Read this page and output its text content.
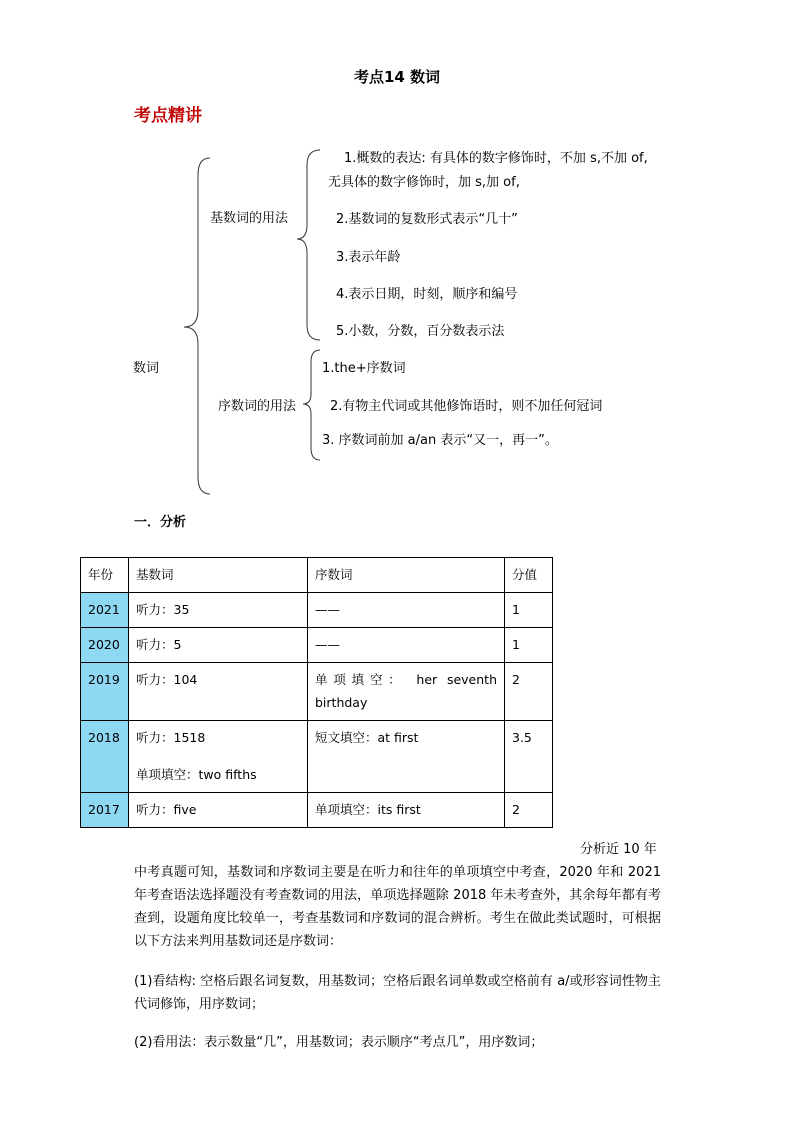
考点14 数词
考点精讲
数词
基数词的用法
1.概数的表达: 有具体的数字修饰时，不加 s,不加 of,
无具体的数字修饰时，加 s,加 of,
2.基数词的复数形式表示“几十”
3.表示年龄
4.表示日期，时刻，顺序和编号
5.小数，分数，百分数表示法
序数词的用法
1.the+序数词
2.有物主代词或其他修饰语时，则不加任何冠词
3. 序数词前加 a/an 表示“又一，再一”。
一．分析
年份	基数词	序数词	分值
2021	听力：35	——	1
2020	听力：5	——	1
2019	听力：104	单项填空： her seventh
birthday	2
2018	听力：1518
单项填空：two fifths	短文填空：at first	3.5
2017	听力：five	单项填空：its first	2
分析近 10 年
中考真题可知，基数词和序数词主要是在听力和往年的单项填空中考查，2020 年和 2021 年考查语法选择题没有考查数词的用法，单项选择题除 2018 年未考查外，其余每年都有考查到，设题角度比较单一，考查基数词和序数词的混合辨析。考生在做此类试题时，可根据以下方法来判用基数词还是序数词：
(1)看结构: 空格后跟名词复数，用基数词；空格后跟名词单数或空格前有 a/或形容词性物主代词修饰，用序数词；
(2)看用法：表示数量“几”，用基数词；表示顺序“考点几”，用序数词；
